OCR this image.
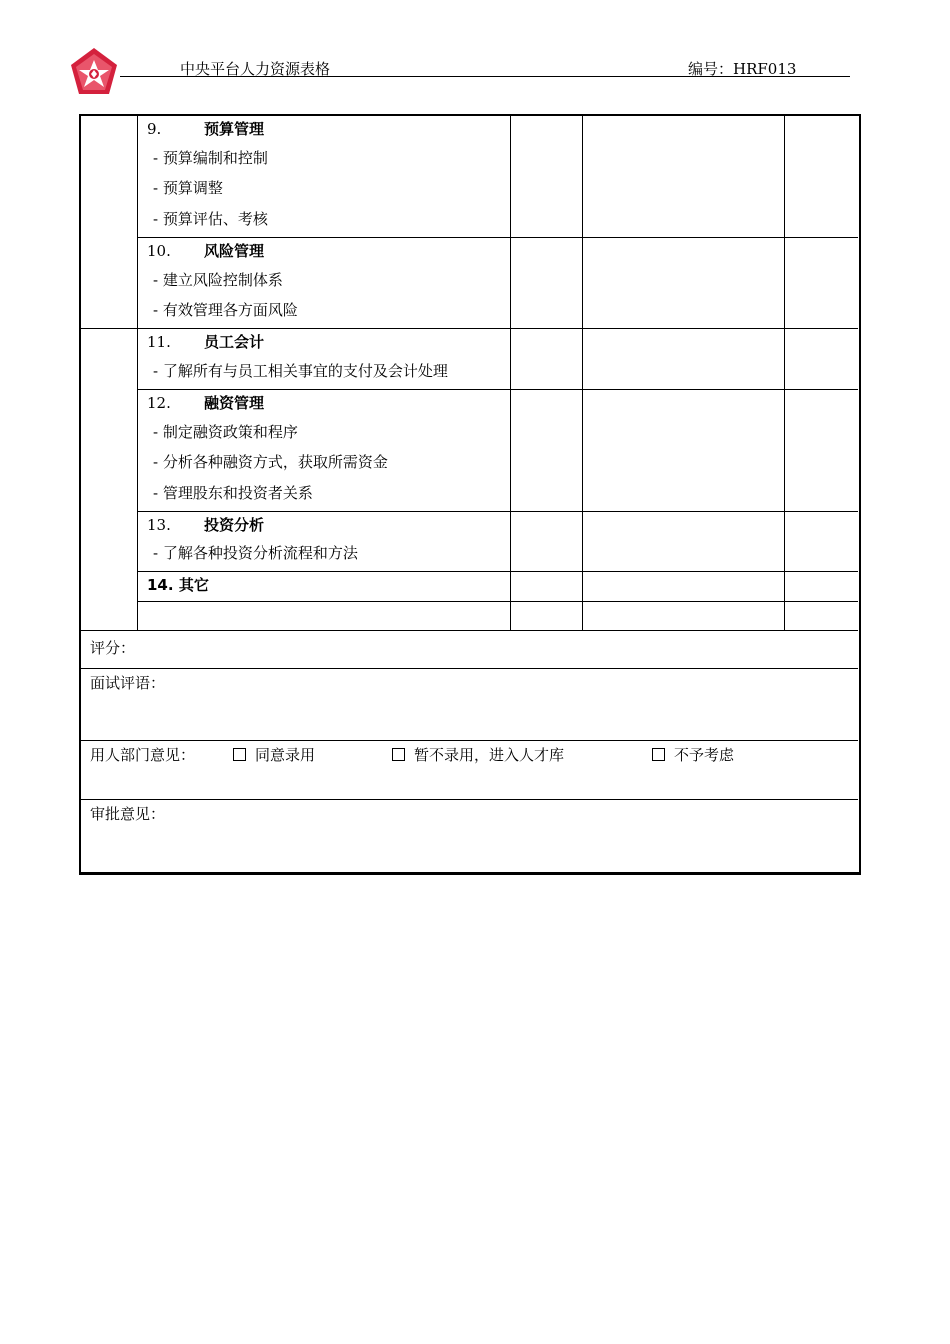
中央平台人力资源表格	编号：HRF013
9.	预算管理
- 预算编制和控制
- 预算调整
- 预算评估、考核
10. 风险管理
- 建立风险控制体系
- 有效管理各方面风险
11. 员工会计
- 了解所有与员工相关事宜的支付及会计处理
12. 融资管理
- 制定融资政策和程序
- 分析各种融资方式，获取所需资金
- 管理股东和投资者关系
13. 投资分析
- 了解各种投资分析流程和方法
14. 其它
评分：
面试评语：
用人部门意见：	同意录用	暂不录用，进入人才库	不予考虑
审批意见：
